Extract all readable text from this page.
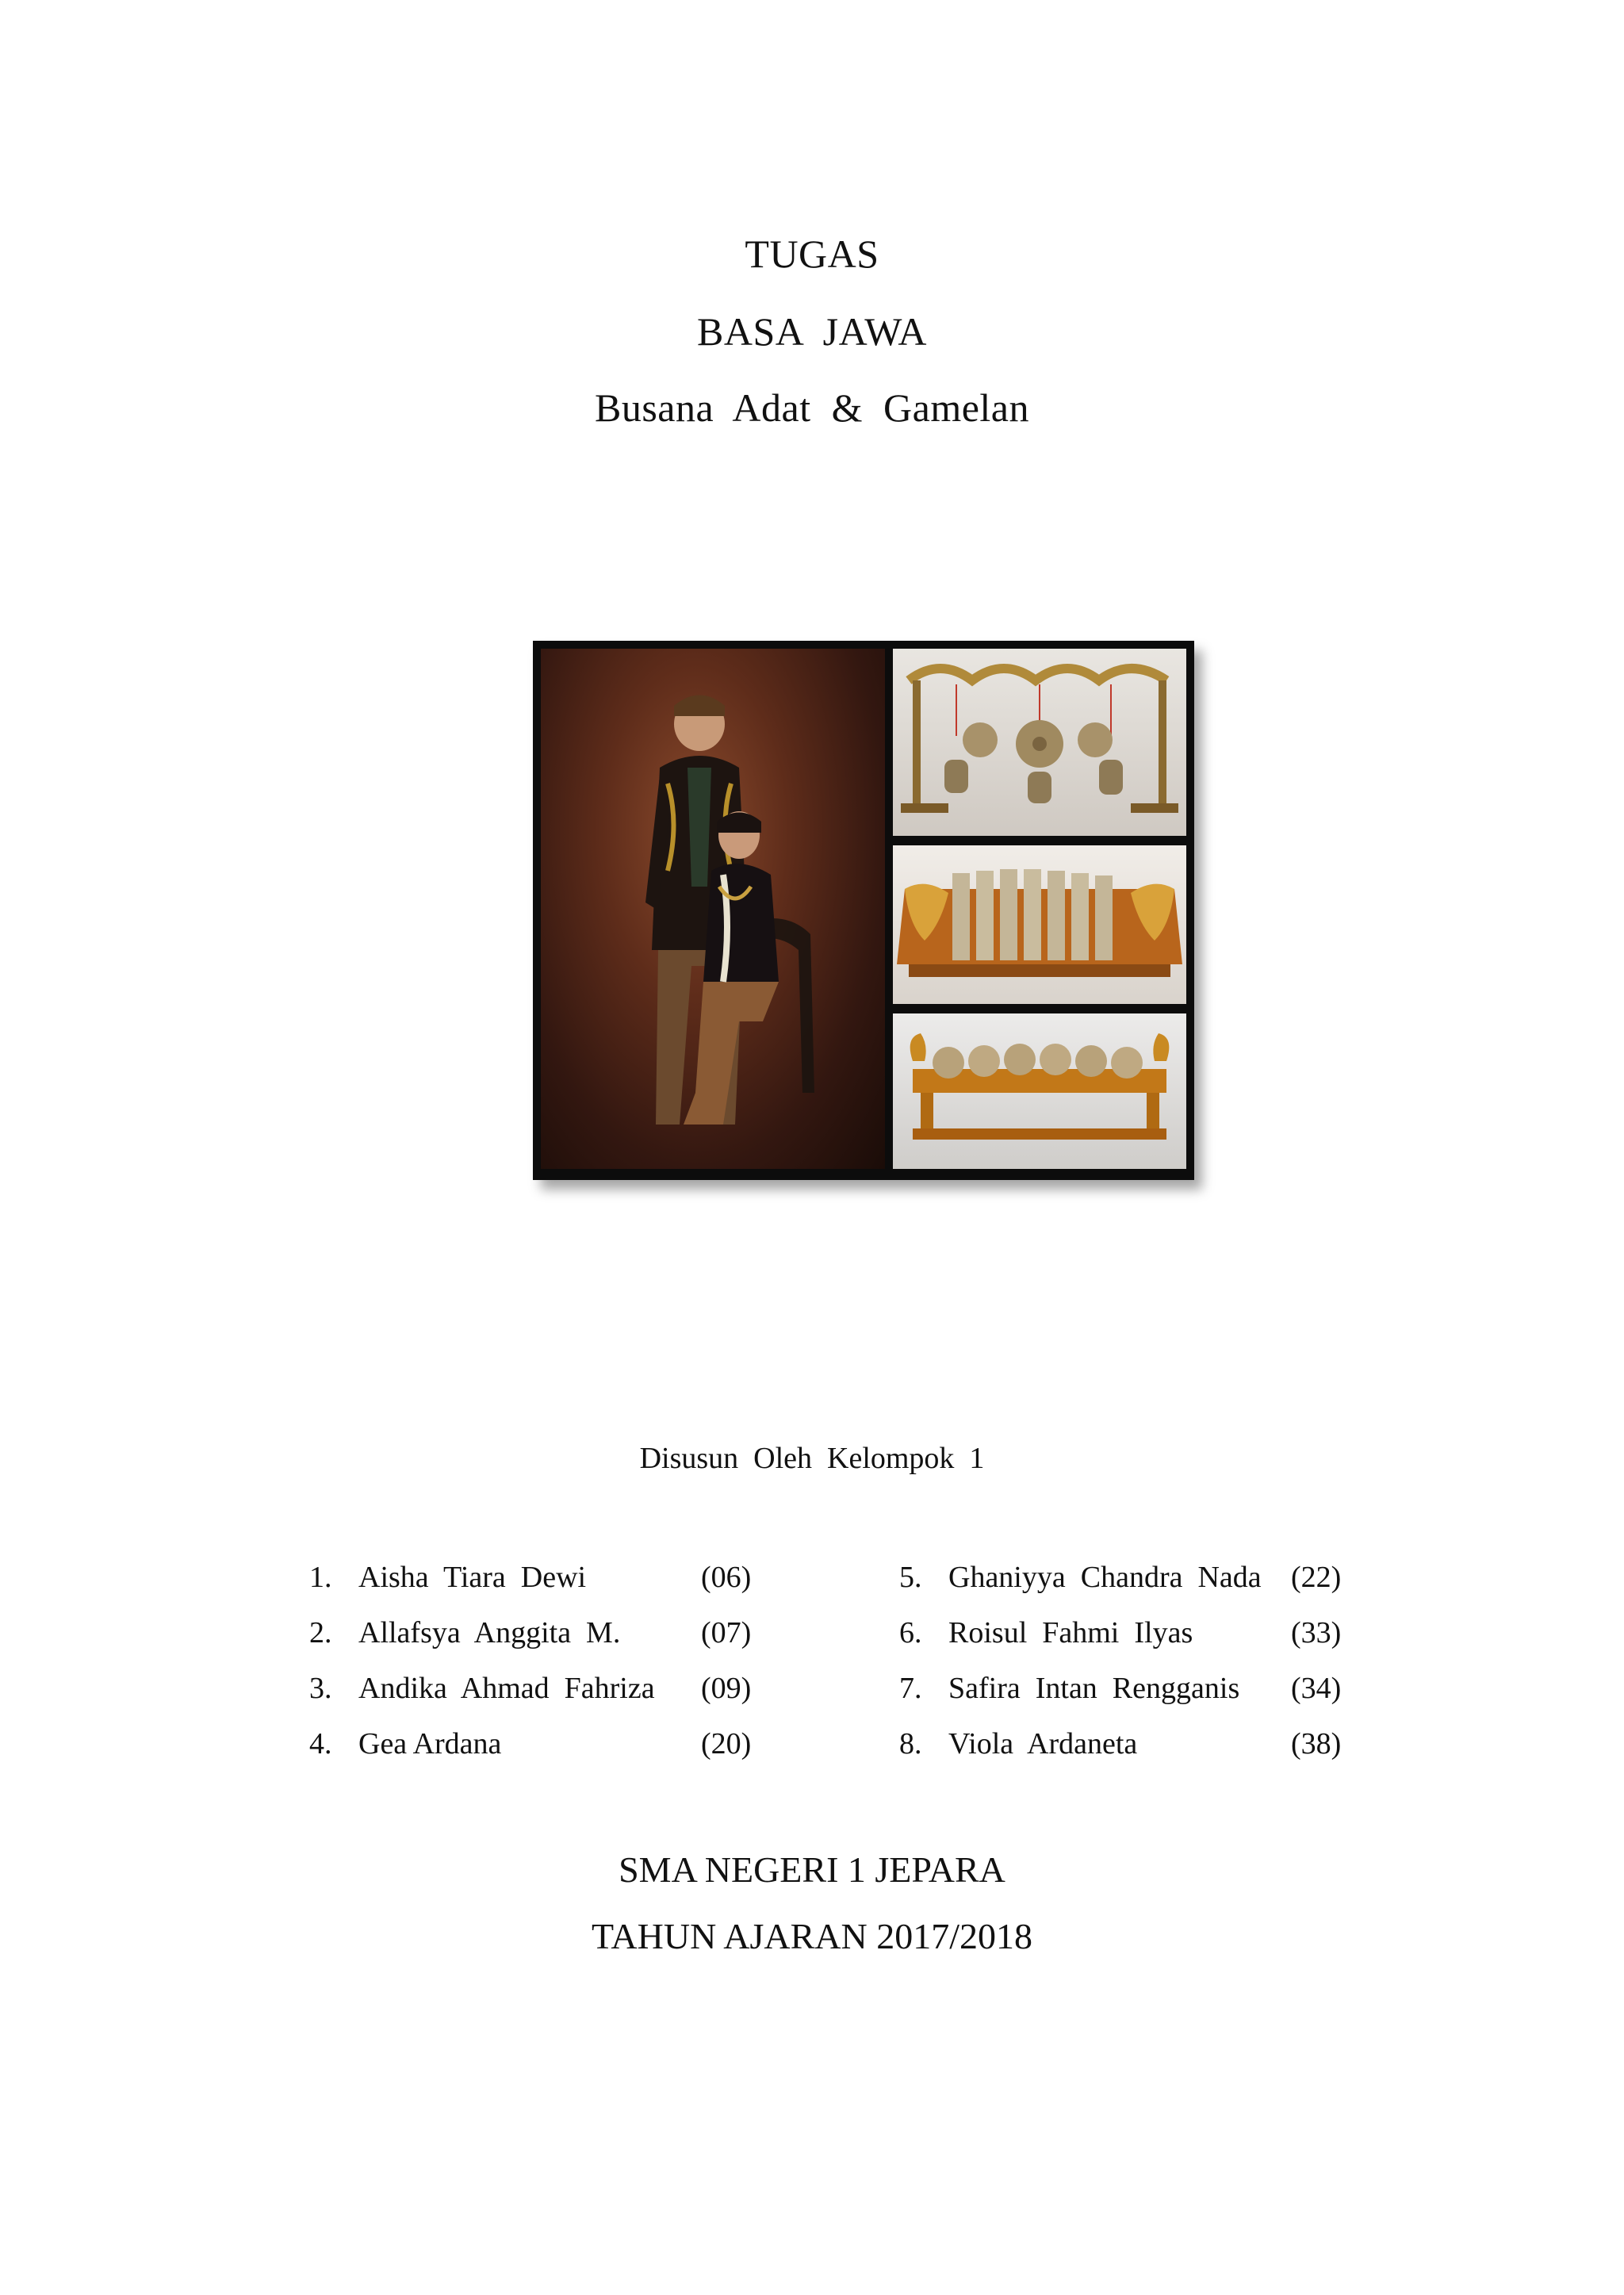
TUGAS
BASA  JAWA
Busana  Adat  &  Gamelan
Disusun  Oleh  Kelompok  1
1. Aisha  Tiara  Dewi	(06)
2. Allafsya  Anggita  M.	(07)
3. Andika  Ahmad  Fahriza (09)
4. Gea Ardana	(20)
5. Ghaniyya  Chandra  Nada (22)
6. Roisul  Fahmi  Ilyas	(33)
7. Safira  Intan  Rengganis (34)
8. Viola  Ardaneta	(38)
SMA NEGERI 1 JEPARA
TAHUN AJARAN 2017/2018
